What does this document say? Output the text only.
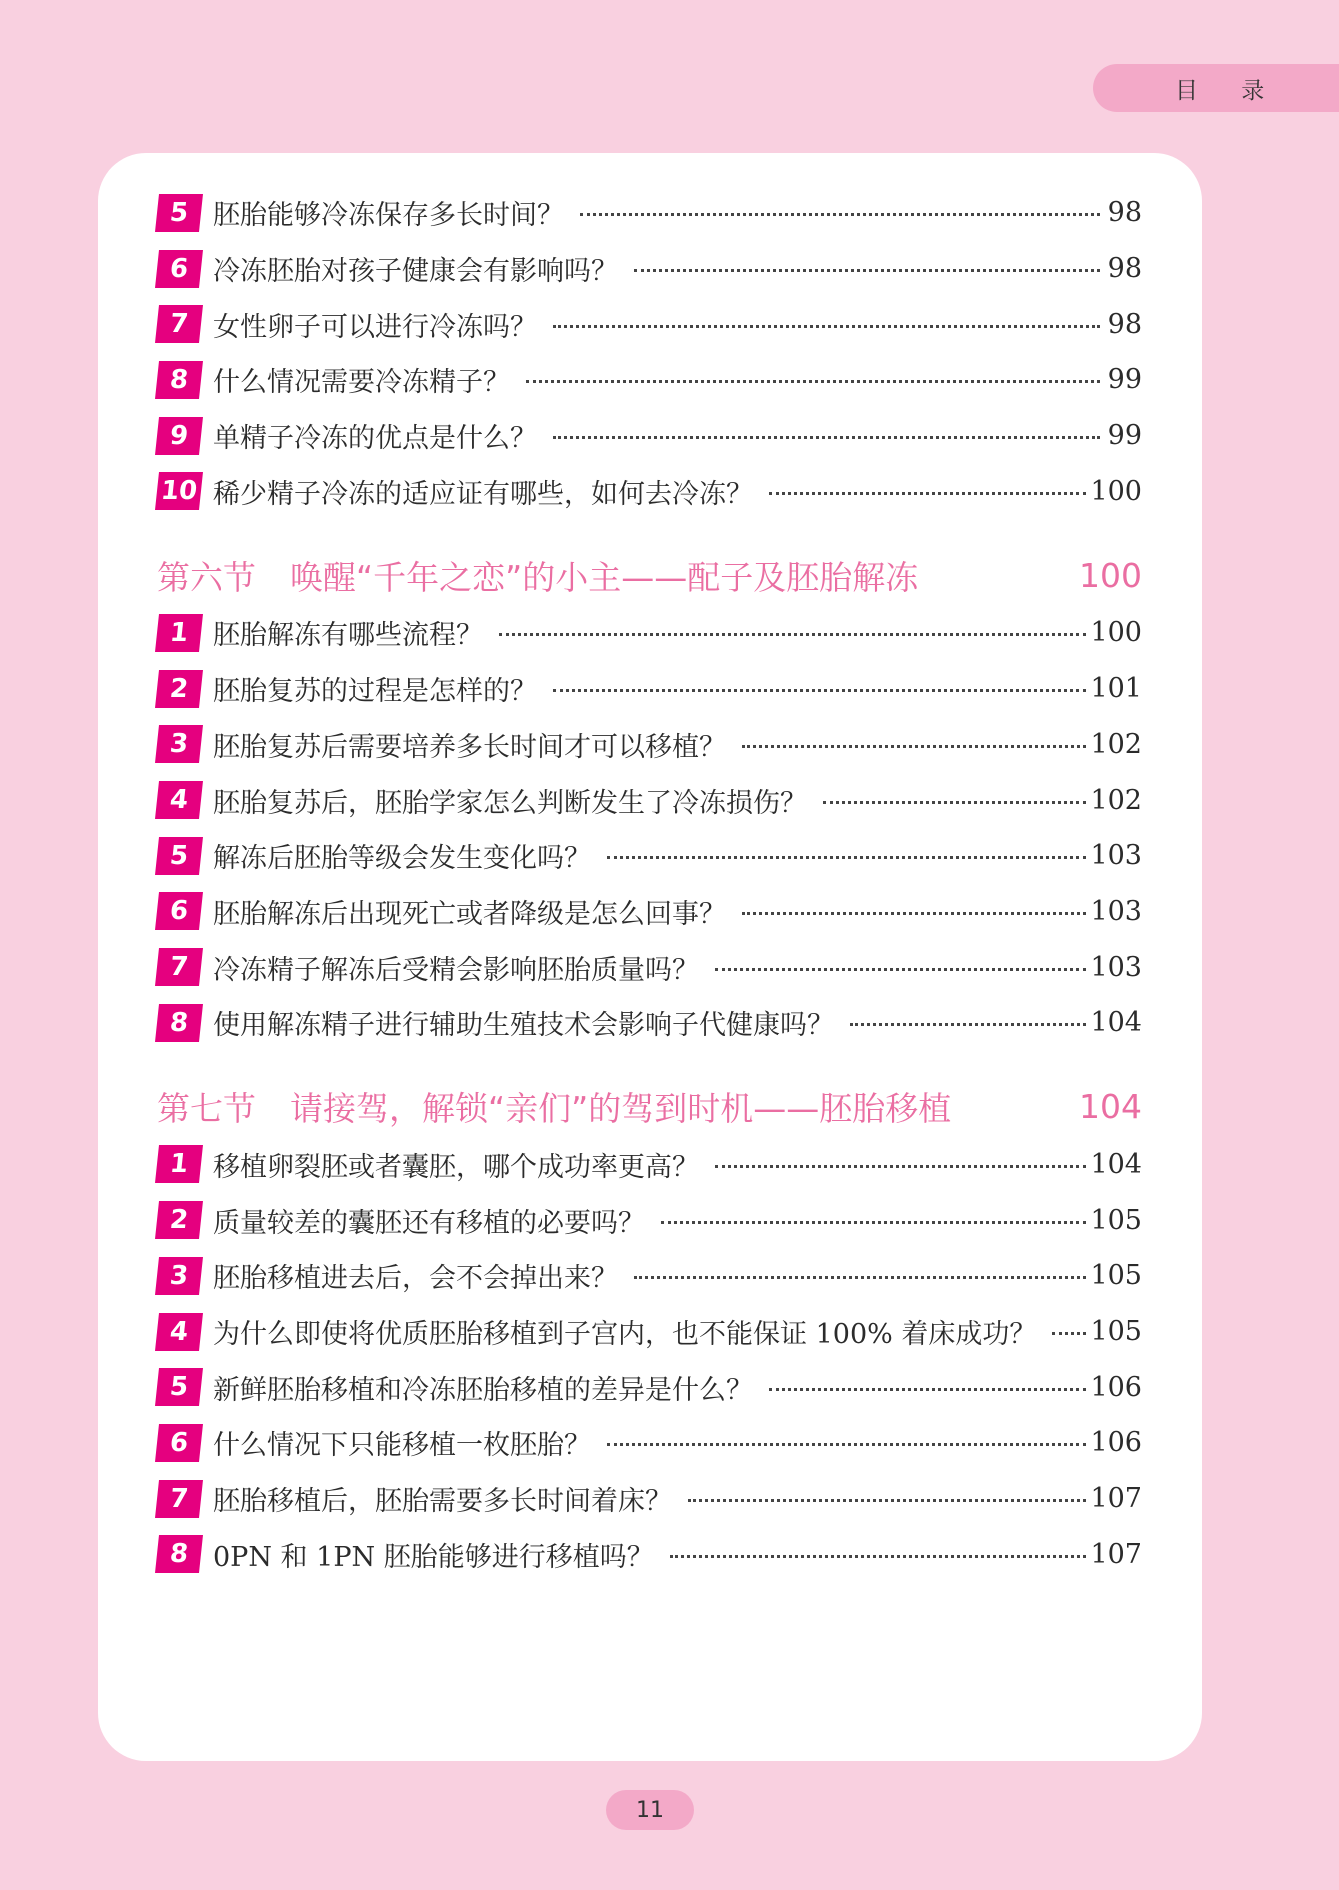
目 录
5 胚胎能够冷冻保存多长时间？	98
6 冷冻胚胎对孩子健康会有影响吗？	98
7 女性卵子可以进行冷冻吗？	98
8 什么情况需要冷冻精子？	99
9 单精子冷冻的优点是什么？	99
10 稀少精子冷冻的适应证有哪些，如何去冷冻？	100
第六节	唤醒“千年之恋”的小主——配子及胚胎解冻	100
1 胚胎解冻有哪些流程？	100
2 胚胎复苏的过程是怎样的？	101
3 胚胎复苏后需要培养多长时间才可以移植？	102
4 胚胎复苏后，胚胎学家怎么判断发生了冷冻损伤？	102
5 解冻后胚胎等级会发生变化吗？	103
6 胚胎解冻后出现死亡或者降级是怎么回事？	103
7 冷冻精子解冻后受精会影响胚胎质量吗？	103
8 使用解冻精子进行辅助生殖技术会影响子代健康吗？	104
第七节	请接驾，解锁“亲们”的驾到时机——胚胎移植	104
1 移植卵裂胚或者囊胚，哪个成功率更高？	104
2 质量较差的囊胚还有移植的必要吗？	105
3 胚胎移植进去后，会不会掉出来？	105
4 为什么即使将优质胚胎移植到子宫内，也不能保证 100% 着床成功？ 105
5 新鲜胚胎移植和冷冻胚胎移植的差异是什么？	106
6 什么情况下只能移植一枚胚胎？	106
7 胚胎移植后，胚胎需要多长时间着床？	107
8 0PN 和 1PN 胚胎能够进行移植吗？	107
11
